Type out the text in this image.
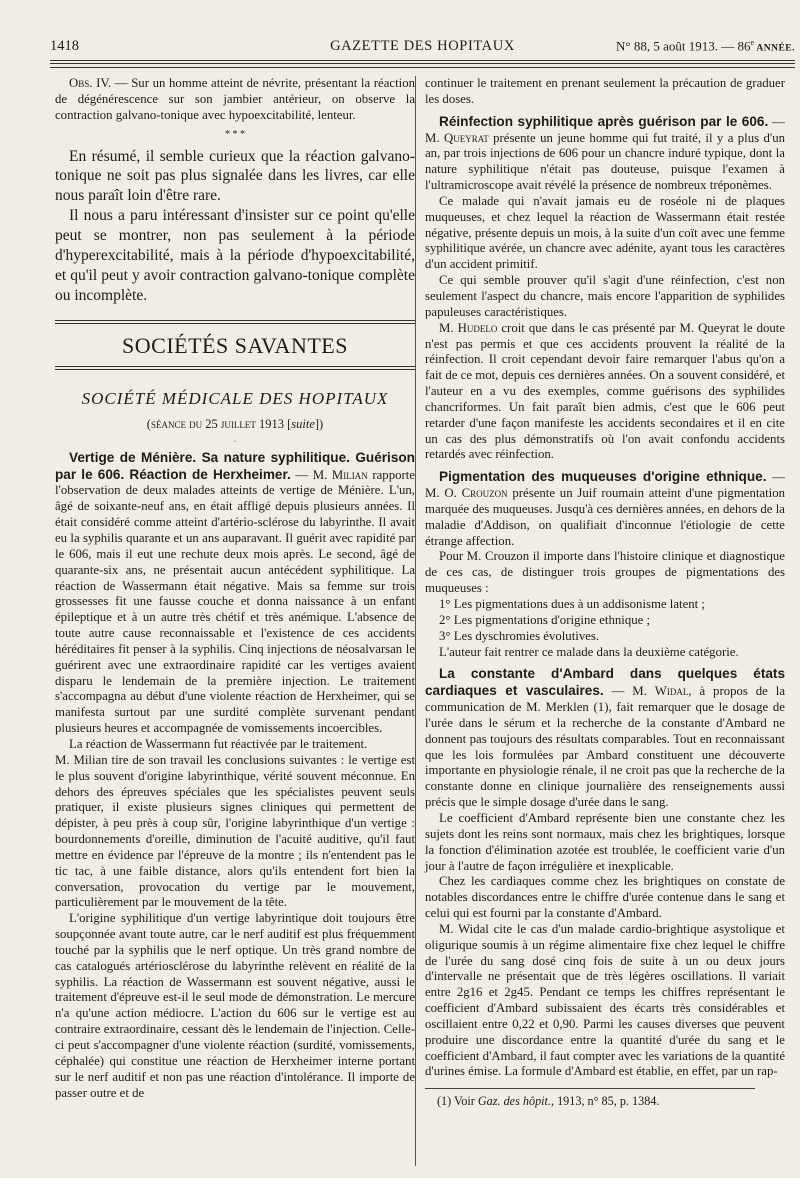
1418	GAZETTE DES HOPITAUX	N° 88, 5 août 1913. — 86e ANNÉE.

Obs. IV. — Sur un homme atteint de névrite, présentant la réaction de dégénérescence sur son jambier antérieur, on observe la contraction galvano-tonique avec hypoexcitabilité, lenteur.

* * *

En résumé, il semble curieux que la réaction galvano-tonique ne soit pas plus signalée dans les livres, car elle nous paraît loin d'être rare.

Il nous a paru intéressant d'insister sur ce point qu'elle peut se montrer, non pas seulement à la période d'hyperexcitabilité, mais à la période d'hypoexcitabilité, et qu'il peut y avoir contraction galvano-tonique complète ou incomplète.

SOCIÉTÉS SAVANTES
SOCIÉTÉ MÉDICALE DES HOPITAUX
(séance du 25 juillet 1913 [suite])
‘

Vertige de Ménière. Sa nature syphilitique. Guérison par le 606. Réaction de Herxheimer. — M. Milian rapporte l'observation de deux malades atteints de vertige de Ménière. L'un, âgé de soixante-neuf ans, en était affligé depuis plusieurs années. Il était considéré comme atteint d'artério-sclérose du labyrinthe. Il avait eu la syphilis quarante et un ans auparavant. Il guérit avec rapidité par le 606, mais il eut une rechute deux mois après. Le second, âgé de quarante-six ans, ne présentait aucun antécédent syphilitique. La réaction de Wassermann était négative. Mais sa femme sur trois grossesses fit une fausse couche et donna naissance à un enfant épileptique et à un autre très chétif et très anémique. L'absence de toute autre cause reconnaissable et l'existence de ces accidents héréditaires fit penser à la syphilis. Cinq injections de néosalvarsan le guérirent avec une extraordinaire rapidité car les vertiges avaient disparu le lendemain de la première injection. Le traitement s'accompagna au début d'une violente réaction de Herxheimer, qui se manifesta surtout par une surdité complète survenant pendant plusieurs heures et accompagnée de vomissements incoercibles.

La réaction de Wassermann fut réactivée par le traitement.

M. Milian tire de son travail les conclusions suivantes : le vertige est le plus souvent d'origine labyrinthique, vérité souvent méconnue. En dehors des épreuves spéciales que les spécialistes peuvent seuls pratiquer, il existe plusieurs signes cliniques qui permettent de dépister, à peu près à coup sûr, l'origine labyrinthique d'un vertige : bourdonnements d'oreille, diminution de l'acuité auditive, qu'il faut mettre en évidence par l'épreuve de la montre ; ils n'entendent pas le tic tac, à une faible distance, alors qu'ils entendent fort bien la conversation, provocation du vertige par le mouvement, particulièrement par le mouvement de la tête.

L'origine syphilitique d'un vertige labyrintique doit toujours être soupçonnée avant toute autre, car le nerf auditif est plus fréquemment touché par la syphilis que le nerf optique. Un très grand nombre de cas catalogués artériosclérose du labyrinthe relèvent en réalité de la syphilis. La réaction de Wassermann est souvent négative, aussi le traitement d'épreuve est-il le seul mode de démonstration. Le mercure n'a qu'une action médiocre. L'action du 606 sur le vertige est au contraire extraordinaire, cessant dès le lendemain de l'injection. Celle-ci peut s'accompagner d'une violente réaction (surdité, vomissements, céphalée) qui constitue une réaction de Herxheimer interne portant sur le nerf auditif et non pas une réaction d'intolérance. Il importe de passer outre et de

continuer le traitement en prenant seulement la précaution de graduer les doses.

Réinfection syphilitique après guérison par le 606. — M. Queyrat présente un jeune homme qui fut traité, il y a plus d'un an, par trois injections de 606 pour un chancre induré typique, dont la nature syphilitique n'était pas douteuse, puisque l'examen à l'ultramicroscope avait révélé la présence de nombreux tréponèmes.

Ce malade qui n'avait jamais eu de roséole ni de plaques muqueuses, et chez lequel la réaction de Wassermann était restée négative, présente depuis un mois, à la suite d'un coït avec une femme syphilitique avérée, un chancre avec adénite, ayant tous les caractères d'un accident primitif.

Ce qui semble prouver qu'il s'agit d'une réinfection, c'est non seulement l'aspect du chancre, mais encore l'apparition de syphilides papuleuses caractéristiques.

M. Hudelo croit que dans le cas présenté par M. Queyrat le doute n'est pas permis et que ces accidents prouvent la réalité de la réinfection. Il croit cependant devoir faire remarquer l'abus qu'on a fait de ce mot, depuis ces dernières années. On a souvent considéré, et l'auteur en a vu des exemples, comme guérisons des syphilides chancriformes. Un fait paraît bien admis, c'est que le 606 peut retarder d'une façon manifeste les accidents secondaires et il en cite un cas des plus démonstratifs où l'on avait confondu accidents retardés avec réinfection.

Pigmentation des muqueuses d'origine ethnique. — M. O. Crouzon présente un Juif roumain atteint d'une pigmentation marquée des muqueuses. Jusqu'à ces dernières années, en dehors de la maladie d'Addison, on qualifiait d'inconnue l'étiologie de cette étrange affection.

Pour M. Crouzon il importe dans l'histoire clinique et diagnostique de ces cas, de distinguer trois groupes de pigmentations des muqueuses :

1° Les pigmentations dues à un addisonisme latent ;

2° Les pigmentations d'origine ethnique ;

3° Les dyschromies évolutives.

L'auteur fait rentrer ce malade dans la deuxième catégorie.

La constante d'Ambard dans quelques états cardiaques et vasculaires. — M. Widal, à propos de la communication de M. Merklen (1), fait remarquer que le dosage de l'urée dans le sérum et la recherche de la constante d'Ambard ne donnent pas toujours des résultats comparables. Tout en reconnaissant que les lois formulées par Ambard constituent une découverte importante en physiologie rénale, il ne croit pas que la recherche de la constante donne en clinique journalière des renseignements aussi précis que le simple dosage d'urée dans le sang.

Le coefficient d'Ambard représente bien une constante chez les sujets dont les reins sont normaux, mais chez les brightiques, lorsque la fonction d'élimination azotée est troublée, le coefficient varie d'un jour à l'autre de façon irrégulière et inexplicable.

Chez les cardiaques comme chez les brightiques on constate de notables discordances entre le chiffre d'urée contenue dans le sang et celui qui est fourni par la constante d'Ambard.

M. Widal cite le cas d'un malade cardio-brightique asystolique et oligurique soumis à un régime alimentaire fixe chez lequel le chiffre de l'urée du sang dosé cinq fois de suite à un ou deux jours d'intervalle ne présentait que de très légères oscillations. Il variait entre 2g16 et 2g45. Pendant ce temps les chiffres représentant le coefficient d'Ambard subissaient des écarts très considérables et oscillaient entre 0,22 et 0,90. Parmi les causes diverses que peuvent produire une discordance entre la quantité d'urée du sang et le coefficient d'Ambard, il faut compter avec les variations de la quantité d'urines émise. La formule d'Ambard est établie, en effet, par un rap-

(1) Voir Gaz. des hôpit., 1913, n° 85, p. 1384.
